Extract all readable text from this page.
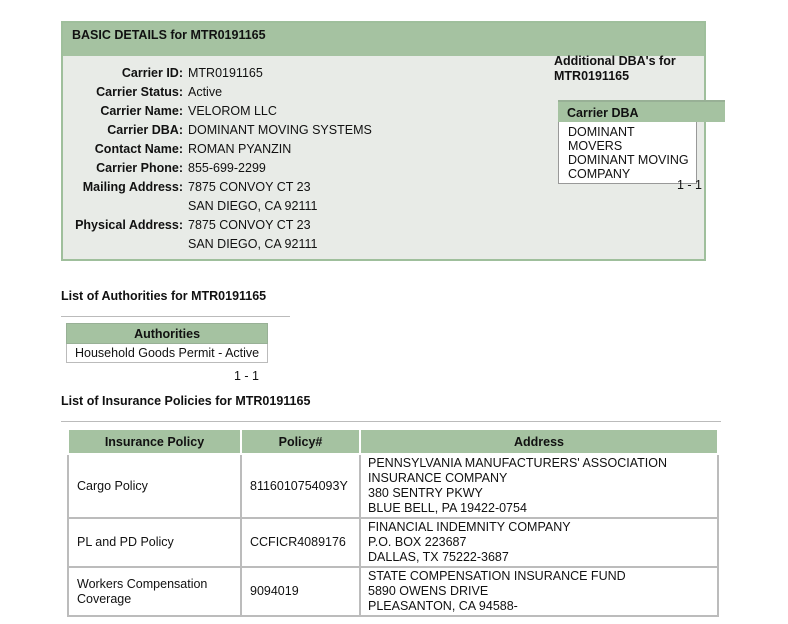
BASIC DETAILS for MTR0191165
Carrier ID: MTR0191165
Carrier Status: Active
Carrier Name: VELOROM LLC
Carrier DBA: DOMINANT MOVING SYSTEMS
Contact Name: ROMAN PYANZIN
Carrier Phone: 855-699-2299
Mailing Address: 7875 CONVOY CT 23
SAN DIEGO, CA 92111
Physical Address: 7875 CONVOY CT 23
SAN DIEGO, CA 92111
Additional DBA's for MTR0191165
Carrier DBA
DOMINANT MOVERS
DOMINANT MOVING COMPANY
1 - 1
List of Authorities for MTR0191165
Authorities
Household Goods Permit - Active
1 - 1
List of Insurance Policies for MTR0191165
Insurance Policy	Policy#	Address
Cargo Policy	8116010754093Y	PENNSYLVANIA MANUFACTURERS' ASSOCIATION
INSURANCE COMPANY
380 SENTRY PKWY
BLUE BELL, PA 19422-0754

PL and PD Policy	CCFICR4089176	FINANCIAL INDEMNITY COMPANY
P.O. BOX 223687
DALLAS, TX 75222-3687

Workers Compensation Coverage	9094019	STATE COMPENSATION INSURANCE FUND
5890 OWENS DRIVE
PLEASANTON, CA 94588-
